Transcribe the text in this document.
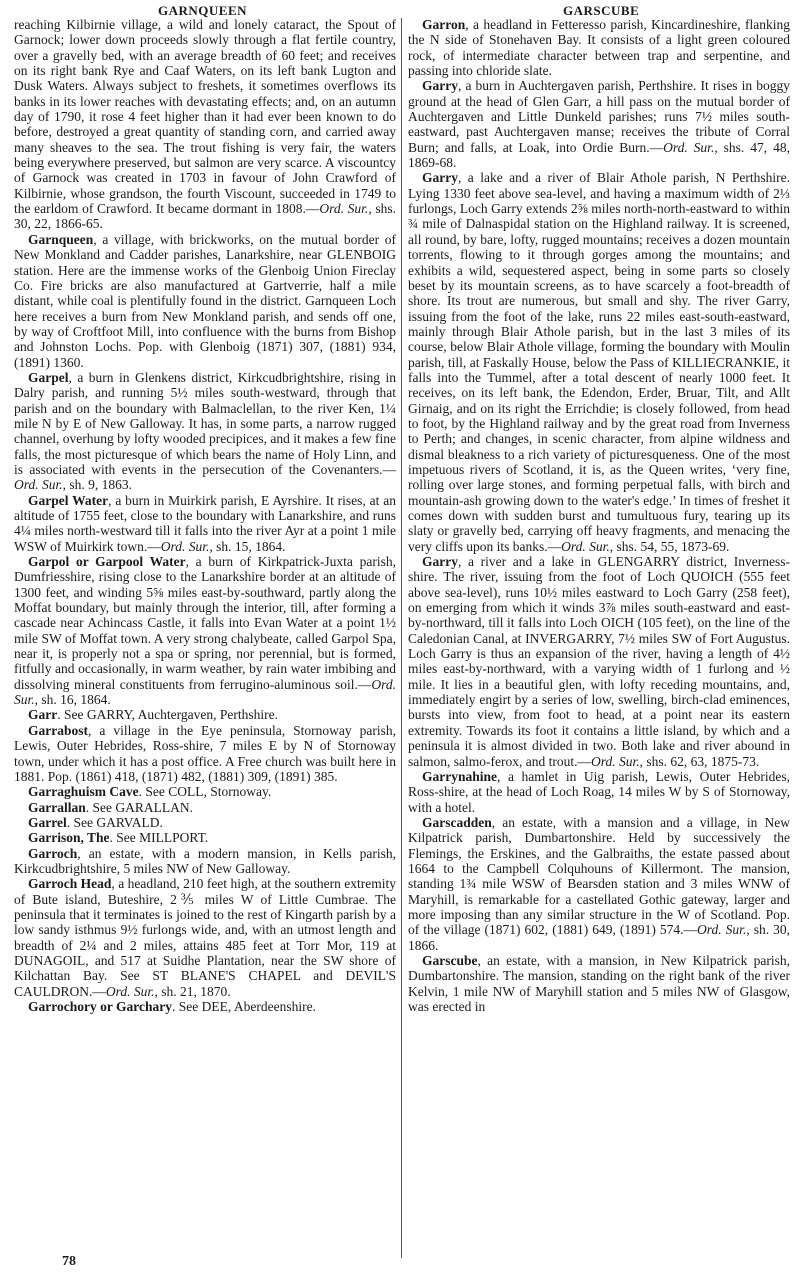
GARNQUEEN	GARSCUBE

reaching Kilbirnie village, a wild and lonely cataract, the Spout of Garnock; lower down proceeds slowly through a flat fertile country, over a gravelly bed, with an average breadth of 60 feet; and receives on its right bank Rye and Caaf Waters, on its left bank Lugton and Dusk Waters. Always subject to freshets, it sometimes overflows its banks in its lower reaches with devastating effects; and, on an autumn day of 1790, it rose 4 feet higher than it had ever been known to do before, destroyed a great quantity of standing corn, and carried away many sheaves to the sea. The trout fishing is very fair, the waters being everywhere preserved, but salmon are very scarce. A viscountcy of Garnock was created in 1703 in favour of John Crawford of Kilbirnie, whose grandson, the fourth Viscount, succeeded in 1749 to the earldom of Crawford. It became dormant in 1808.—Ord. Sur., shs. 30, 22, 1866-65.

Garnqueen, a village, with brickworks, on the mutual border of New Monkland and Cadder parishes, Lanarkshire, near GLENBOIG station. Here are the immense works of the Glenboig Union Fireclay Co. Fire bricks are also manufactured at Gartverrie, half a mile distant, while coal is plentifully found in the district. Garnqueen Loch here receives a burn from New Monkland parish, and sends off one, by way of Croftfoot Mill, into confluence with the burns from Bishop and Johnston Lochs. Pop. with Glenboig (1871) 307, (1881) 934, (1891) 1360.

Garpel, a burn in Glenkens district, Kirkcudbrightshire, rising in Dalry parish, and running 5½ miles south-westward, through that parish and on the boundary with Balmaclellan, to the river Ken, 1¼ mile N by E of New Galloway. It has, in some parts, a narrow rugged channel, overhung by lofty wooded precipices, and it makes a few fine falls, the most picturesque of which bears the name of Holy Linn, and is associated with events in the persecution of the Covenanters.— Ord. Sur., sh. 9, 1863.

Garpel Water, a burn in Muirkirk parish, E Ayrshire. It rises, at an altitude of 1755 feet, close to the boundary with Lanarkshire, and runs 4¼ miles north-westward till it falls into the river Ayr at a point 1 mile WSW of Muirkirk town.—Ord. Sur., sh. 15, 1864.

Garpol or Garpool Water, a burn of Kirkpatrick-Juxta parish, Dumfriesshire, rising close to the Lanarkshire border at an altitude of 1300 feet, and winding 5⅝ miles east-by-southward, partly along the Moffat boundary, but mainly through the interior, till, after forming a cascade near Achincass Castle, it falls into Evan Water at a point 1½ mile SW of Moffat town. A very strong chalybeate, called Garpol Spa, near it, is properly not a spa or spring, nor perennial, but is formed, fitfully and occasionally, in warm weather, by rain water imbibing and dissolving mineral constituents from ferrugino-aluminous soil.—Ord. Sur., sh. 16, 1864.

Garr. See GARRY, Auchtergaven, Perthshire.

Garrabost, a village in the Eye peninsula, Stornoway parish, Lewis, Outer Hebrides, Ross-shire, 7 miles E by N of Stornoway town, under which it has a post office. A Free church was built here in 1881. Pop. (1861) 418, (1871) 482, (1881) 309, (1891) 385.

Garraghuism Cave. See COLL, Stornoway.

Garrallan. See GARALLAN.

Garrel. See GARVALD.

Garrison, The. See MILLPORT.

Garroch, an estate, with a modern mansion, in Kells parish, Kirkcudbrightshire, 5 miles NW of New Galloway.

Garroch Head, a headland, 210 feet high, at the southern extremity of Bute island, Buteshire, 2⅗ miles W of Little Cumbrae. The peninsula that it terminates is joined to the rest of Kingarth parish by a low sandy isthmus 9½ furlongs wide, and, with an utmost length and breadth of 2¼ and 2 miles, attains 485 feet at Torr Mor, 119 at DUNAGOIL, and 517 at Suidhe Plantation, near the SW shore of Kilchattan Bay. See ST BLANE'S CHAPEL and DEVIL'S CAULDRON.—Ord. Sur., sh. 21, 1870.

Garrochory or Garchary. See DEE, Aberdeenshire.

Garron, a headland in Fetteresso parish, Kincardineshire, flanking the N side of Stonehaven Bay. It consists of a light green coloured rock, of intermediate character between trap and serpentine, and passing into chloride slate.

Garry, a burn in Auchtergaven parish, Perthshire. It rises in boggy ground at the head of Glen Garr, a hill pass on the mutual border of Auchtergaven and Little Dunkeld parishes; runs 7½ miles south-eastward, past Auchtergaven manse; receives the tribute of Corral Burn; and falls, at Loak, into Ordie Burn.—Ord. Sur., shs. 47, 48, 1869-68.

Garry, a lake and a river of Blair Athole parish, N Perthshire. Lying 1330 feet above sea-level, and having a maximum width of 2⅓ furlongs, Loch Garry extends 2⅝ miles north-north-eastward to within ¾ mile of Dalnaspidal station on the Highland railway. It is screened, all round, by bare, lofty, rugged mountains; receives a dozen mountain torrents, flowing to it through gorges among the mountains; and exhibits a wild, sequestered aspect, being in some parts so closely beset by its mountain screens, as to have scarcely a foot-breadth of shore. Its trout are numerous, but small and shy. The river Garry, issuing from the foot of the lake, runs 22 miles east-south-eastward, mainly through Blair Athole parish, but in the last 3 miles of its course, below Blair Athole village, forming the boundary with Moulin parish, till, at Faskally House, below the Pass of KILLIECRANKIE, it falls into the Tummel, after a total descent of nearly 1000 feet. It receives, on its left bank, the Edendon, Erder, Bruar, Tilt, and Allt Girnaig, and on its right the Errichdie; is closely followed, from head to foot, by the Highland railway and by the great road from Inverness to Perth; and changes, in scenic character, from alpine wildness and dismal bleakness to a rich variety of picturesqueness. One of the most impetuous rivers of Scotland, it is, as the Queen writes, ‘very fine, rolling over large stones, and forming perpetual falls, with birch and mountain-ash growing down to the water's edge.’ In times of freshet it comes down with sudden burst and tumultuous fury, tearing up its slaty or gravelly bed, carrying off heavy fragments, and menacing the very cliffs upon its banks.—Ord. Sur., shs. 54, 55, 1873-69.

Garry, a river and a lake in GLENGARRY district, Inverness-shire. The river, issuing from the foot of Loch QUOICH (555 feet above sea-level), runs 10½ miles eastward to Loch Garry (258 feet), on emerging from which it winds 3⅞ miles south-eastward and east-by-northward, till it falls into Loch OICH (105 feet), on the line of the Caledonian Canal, at INVERGARRY, 7½ miles SW of Fort Augustus. Loch Garry is thus an expansion of the river, having a length of 4½ miles east-by-northward, with a varying width of 1 furlong and ½ mile. It lies in a beautiful glen, with lofty receding mountains, and, immediately engirt by a series of low, swelling, birch-clad eminences, bursts into view, from foot to head, at a point near its eastern extremity. Towards its foot it contains a little island, by which and a peninsula it is almost divided in two. Both lake and river abound in salmon, salmo-ferox, and trout.—Ord. Sur., shs. 62, 63, 1875-73.

Garrynahine, a hamlet in Uig parish, Lewis, Outer Hebrides, Ross-shire, at the head of Loch Roag, 14 miles W by S of Stornoway, with a hotel.

Garscadden, an estate, with a mansion and a village, in New Kilpatrick parish, Dumbartonshire. Held by successively the Flemings, the Erskines, and the Galbraiths, the estate passed about 1664 to the Campbell Colquhouns of Killermont. The mansion, standing 1¾ mile WSW of Bearsden station and 3 miles WNW of Maryhill, is remarkable for a castellated Gothic gateway, larger and more imposing than any similar structure in the W of Scotland. Pop. of the village (1871) 602, (1881) 649, (1891) 574.—Ord. Sur., sh. 30, 1866.

Garscube, an estate, with a mansion, in New Kilpatrick parish, Dumbartonshire. The mansion, standing on the right bank of the river Kelvin, 1 mile NW of Maryhill station and 5 miles NW of Glasgow, was erected in

78
